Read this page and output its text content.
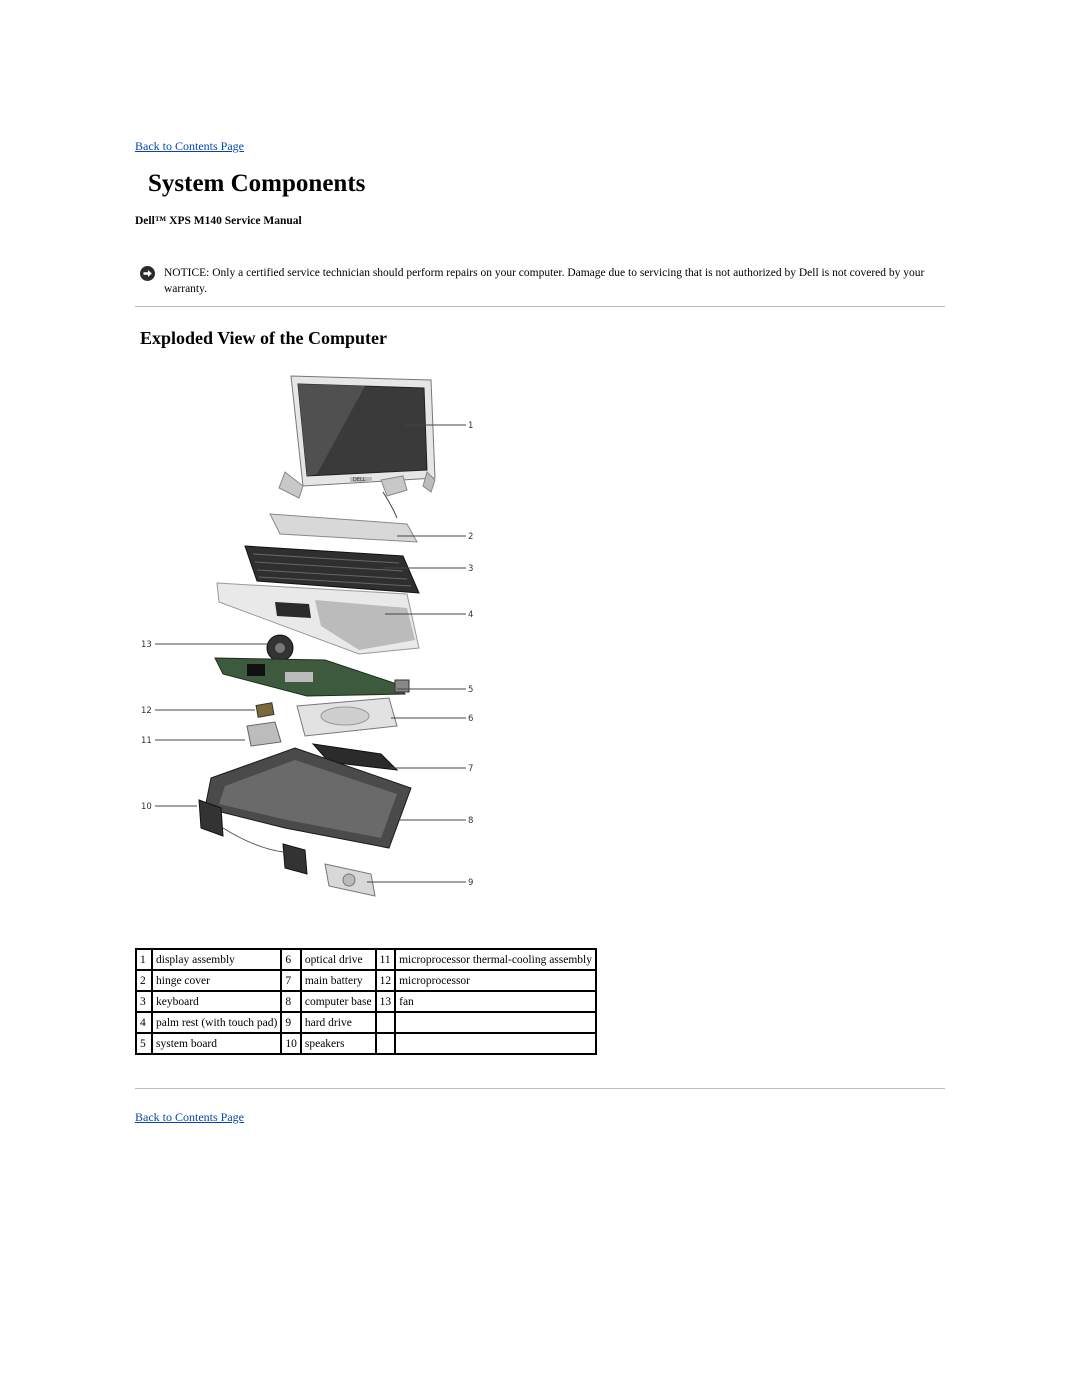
Back to Contents Page
System Components
Dell™ XPS M140 Service Manual
NOTICE: Only a certified service technician should perform repairs on your computer. Damage due to servicing that is not authorized by Dell is not covered by your warranty.
Exploded View of the Computer
1
2
3
4
5
6
7
8
9
13
12
11
10
DELL
1	display assembly	6	optical drive	11	microprocessor thermal-cooling assembly
2	hinge cover	7	main battery	12	microprocessor
3	keyboard	8	computer base	13	fan
4	palm rest (with touch pad)	9	hard drive		
5	system board	10	speakers		
Back to Contents Page
